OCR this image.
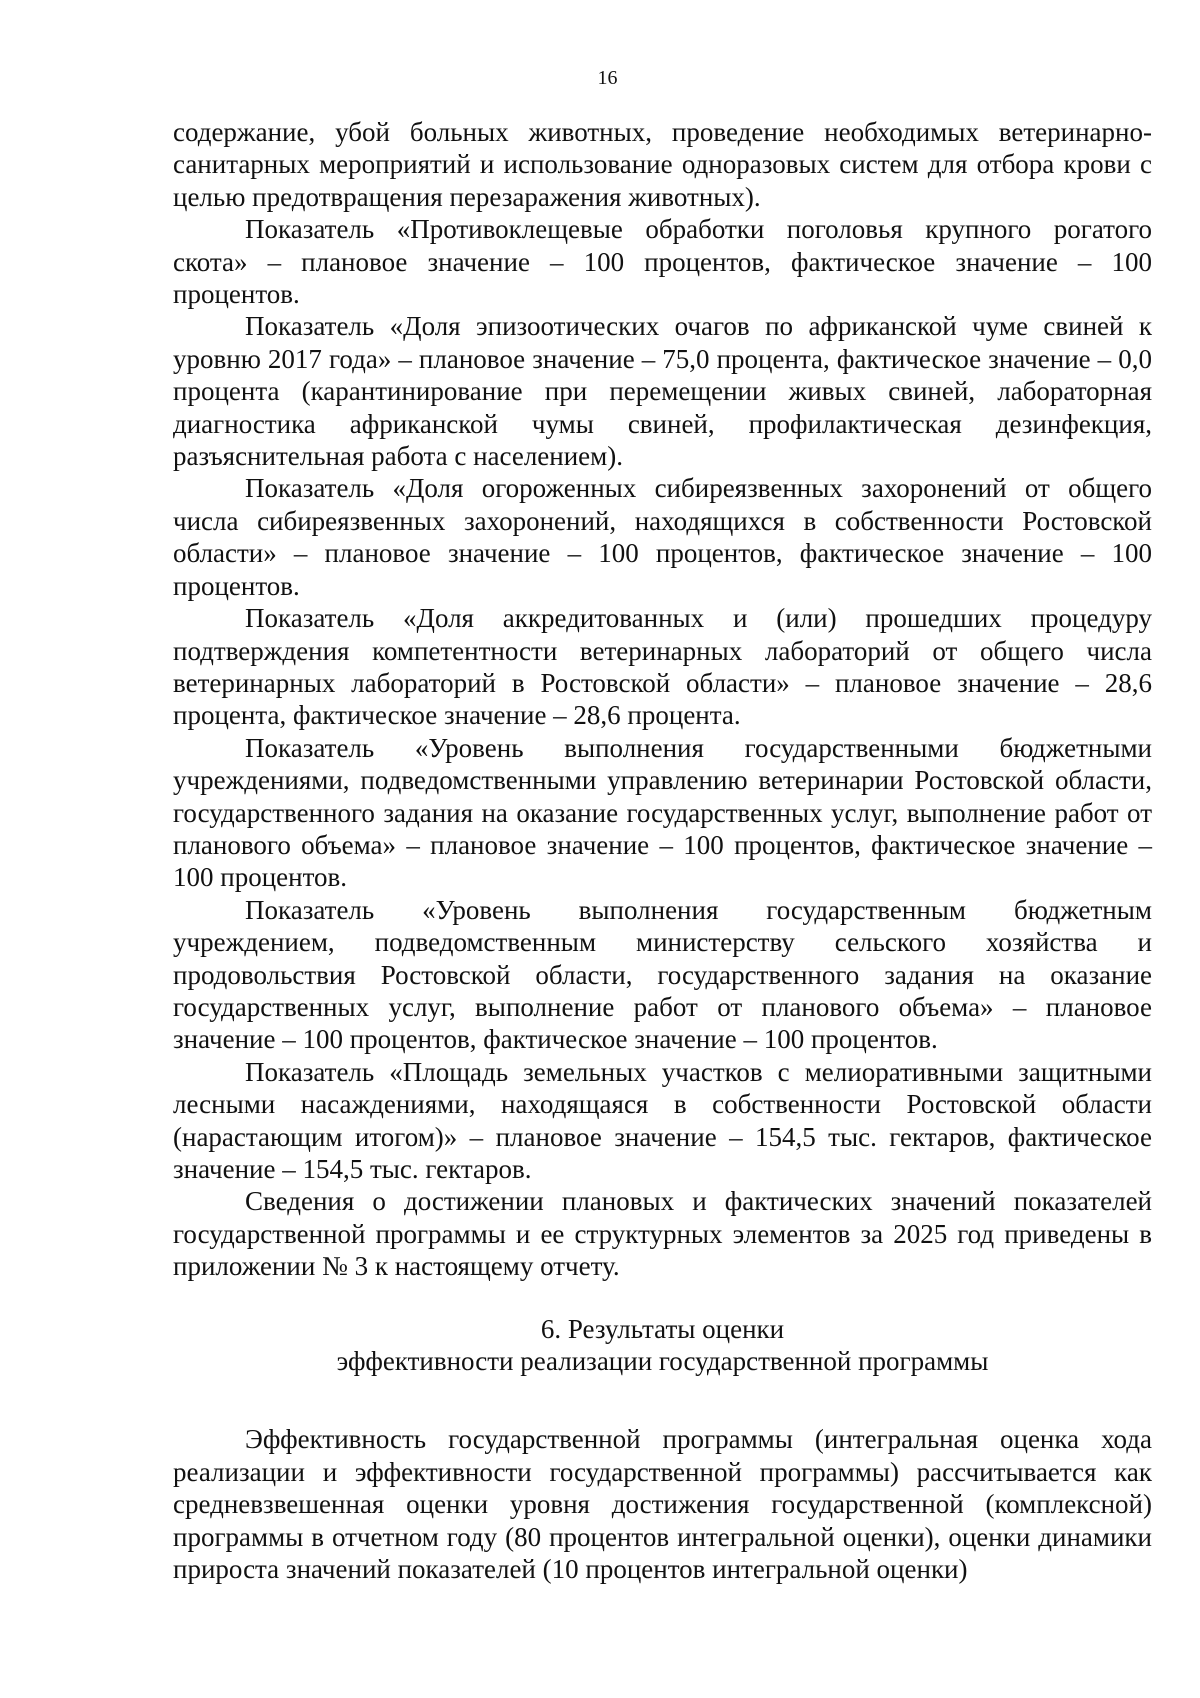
16

содержание, убой больных животных, проведение необходимых ветеринарно-санитарных мероприятий и использование одноразовых систем для отбора крови с целью предотвращения перезаражения животных).

Показатель «Противоклещевые обработки поголовья крупного рогатого скота» – плановое значение – 100 процентов, фактическое значение – 100 процентов.

Показатель «Доля эпизоотических очагов по африканской чуме свиней к уровню 2017 года» – плановое значение – 75,0 процента, фактическое значение – 0,0 процента (карантинирование при перемещении живых свиней, лабораторная диагностика африканской чумы свиней, профилактическая дезинфекция, разъяснительная работа с населением).

Показатель «Доля огороженных сибиреязвенных захоронений от общего числа сибиреязвенных захоронений, находящихся в собственности Ростовской области» – плановое значение – 100 процентов, фактическое значение – 100 процентов.

Показатель «Доля аккредитованных и (или) прошедших процедуру подтверждения компетентности ветеринарных лабораторий от общего числа ветеринарных лабораторий в Ростовской области» – плановое значение – 28,6 процента, фактическое значение – 28,6 процента.

Показатель «Уровень выполнения государственными бюджетными учреждениями, подведомственными управлению ветеринарии Ростовской области, государственного задания на оказание государственных услуг, выполнение работ от планового объема» – плановое значение – 100 процентов, фактическое значение – 100 процентов.

Показатель «Уровень выполнения государственным бюджетным учреждением, подведомственным министерству сельского хозяйства и продовольствия Ростовской области, государственного задания на оказание государственных услуг, выполнение работ от планового объема» – плановое значение – 100 процентов, фактическое значение – 100 процентов.

Показатель «Площадь земельных участков с мелиоративными защитными лесными насаждениями, находящаяся в собственности Ростовской области (нарастающим итогом)» – плановое значение – 154,5 тыс. гектаров, фактическое значение – 154,5 тыс. гектаров.

Сведения о достижении плановых и фактических значений показателей государственной программы и ее структурных элементов за 2025 год приведены в приложении № 3 к настоящему отчету.

6. Результаты оценки

эффективности реализации государственной программы

Эффективность государственной программы (интегральная оценка хода реализации и эффективности государственной программы) рассчитывается как средневзвешенная оценки уровня достижения государственной (комплексной) программы в отчетном году (80 процентов интегральной оценки), оценки динамики прироста значений показателей (10 процентов интегральной оценки)
